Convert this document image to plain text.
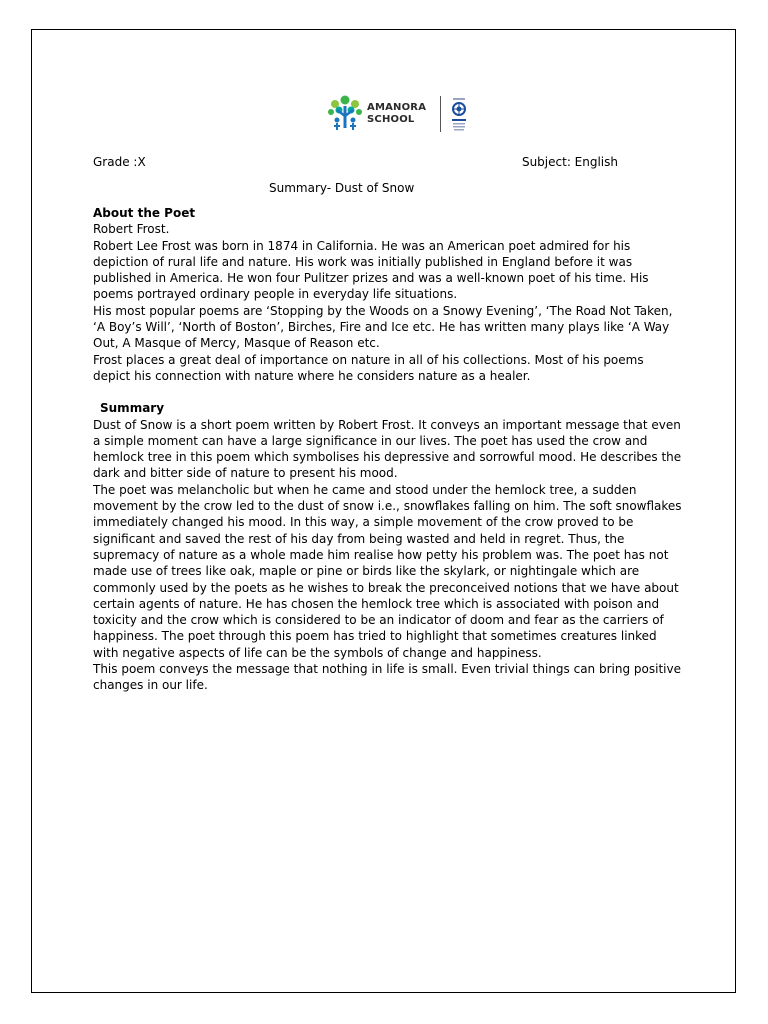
AMANORA
SCHOOL
Grade :X	Subject: English
Summary- Dust of Snow
About the Poet

Robert Frost.

Robert Lee Frost was born in 1874 in California. He was an American poet admired for his depiction of rural life and nature. His work was initially published in England before it was published in America. He won four Pulitzer prizes and was a well-known poet of his time. His poems portrayed ordinary people in everyday life situations.

His most popular poems are ‘Stopping by the Woods on a Snowy Evening’, ‘The Road Not Taken, ‘A Boy’s Will’, ‘North of Boston’, Birches, Fire and Ice etc. He has written many plays like ‘A Way Out, A Masque of Mercy, Masque of Reason etc.

Frost places a great deal of importance on nature in all of his collections. Most of his poems depict his connection with nature where he considers nature as a healer.

Summary

Dust of Snow is a short poem written by Robert Frost. It conveys an important message that even a simple moment can have a large significance in our lives. The poet has used the crow and hemlock tree in this poem which symbolises his depressive and sorrowful mood. He describes the dark and bitter side of nature to present his mood.

The poet was melancholic but when he came and stood under the hemlock tree, a sudden movement by the crow led to the dust of snow i.e., snowflakes falling on him. The soft snowflakes immediately changed his mood. In this way, a simple movement of the crow proved to be significant and saved the rest of his day from being wasted and held in regret. Thus, the supremacy of nature as a whole made him realise how petty his problem was. The poet has not made use of trees like oak, maple or pine or birds like the skylark, or nightingale which are commonly used by the poets as he wishes to break the preconceived notions that we have about certain agents of nature. He has chosen the hemlock tree which is associated with poison and toxicity and the crow which is considered to be an indicator of doom and fear as the carriers of happiness. The poet through this poem has tried to highlight that sometimes creatures linked with negative aspects of life can be the symbols of change and happiness.

This poem conveys the message that nothing in life is small. Even trivial things can bring positive changes in our life.
